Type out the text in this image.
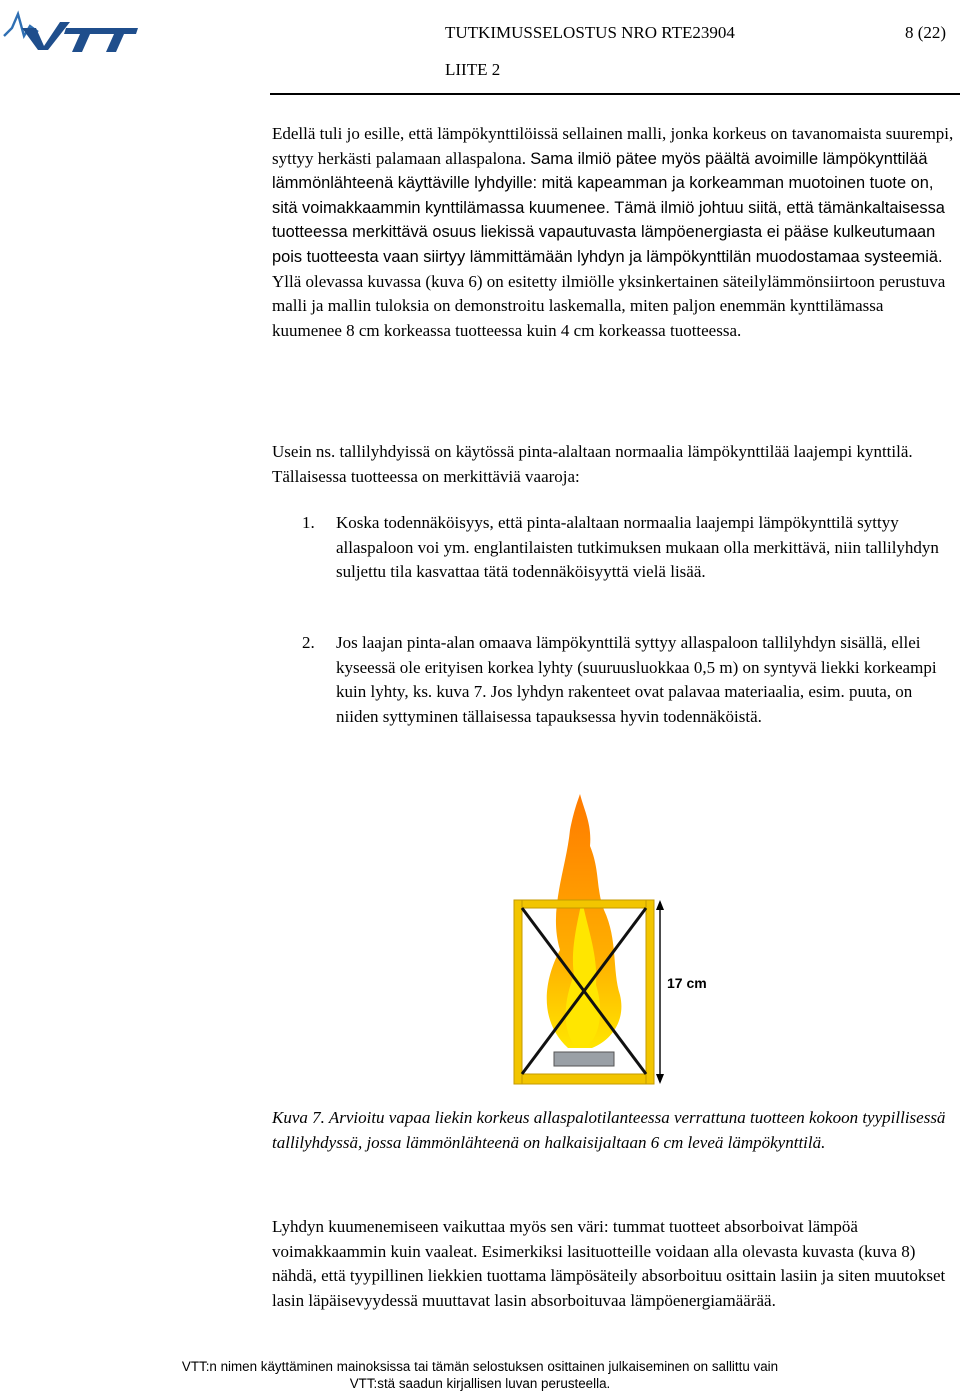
TUTKIMUSSELOSTUS NRO RTE23904	8 (22)
LIITE 2
Edellä tuli jo esille, että lämpökynttilöissä sellainen malli, jonka korkeus on tavanomaista suurempi, syttyy herkästi palamaan allaspalona. Sama ilmiö pätee myös päältä avoimille lämpökynttilää lämmönlähteenä käyttäville lyhdyille: mitä kapeamman ja korkeamman muotoinen tuote on, sitä voimakkaammin kynttilämassa kuumenee. Tämä ilmiö johtuu siitä, että tämänkaltaisessa tuotteessa merkittävä osuus liekissä vapautuvasta lämpöenergiasta ei pääse kulkeutumaan pois tuotteesta vaan siirtyy lämmittämään lyhdyn ja lämpökynttilän muodostamaa systeemiä. Yllä olevassa kuvassa (kuva 6) on esitetty ilmiölle yksinkertainen säteilylämmönsiirtoon perustuva malli ja mallin tuloksia on demonstroitu laskemalla, miten paljon enemmän kynttilämassa kuumenee 8 cm korkeassa tuotteessa kuin 4 cm korkeassa tuotteessa.
Usein ns. tallilyhdyissä on käytössä pinta-alaltaan normaalia lämpökynttilää laajempi kynttilä. Tällaisessa tuotteessa on merkittäviä vaaroja:
1. Koska todennäköisyys, että pinta-alaltaan normaalia laajempi lämpökynttilä syttyy allaspaloon voi ym. englantilaisten tutkimuksen mukaan olla merkittävä, niin tallilyhdyn suljettu tila kasvattaa tätä todennäköisyyttä vielä lisää.
2. Jos laajan pinta-alan omaava lämpökynttilä syttyy allaspaloon tallilyhdyn sisällä, ellei kyseessä ole erityisen korkea lyhty (suuruusluokkaa 0,5 m) on syntyvä liekki korkeampi kuin lyhty, ks. kuva 7. Jos lyhdyn rakenteet ovat palavaa materiaalia, esim. puuta, on niiden syttyminen tällaisessa tapauksessa hyvin todennäköistä.
17 cm
Kuva 7. Arvioitu vapaa liekin korkeus allaspalotilanteessa verrattuna tuotteen kokoon tyypillisessä tallilyhdyssä, jossa lämmönlähteenä on halkaisijaltaan 6 cm leveä lämpökynttilä.
Lyhdyn kuumenemiseen vaikuttaa myös sen väri: tummat tuotteet absorboivat lämpöä voimakkaammin kuin vaaleat. Esimerkiksi lasituotteille voidaan alla olevasta kuvasta (kuva 8) nähdä, että tyypillinen liekkien tuottama lämpösäteily absorboituu osittain lasiin ja siten muutokset lasin läpäisevyydessä muuttavat lasin absorboituvaa lämpöenergiamäärää.
VTT:n nimen käyttäminen mainoksissa tai tämän selostuksen osittainen julkaiseminen on sallittu vain
VTT:stä saadun kirjallisen luvan perusteella.
